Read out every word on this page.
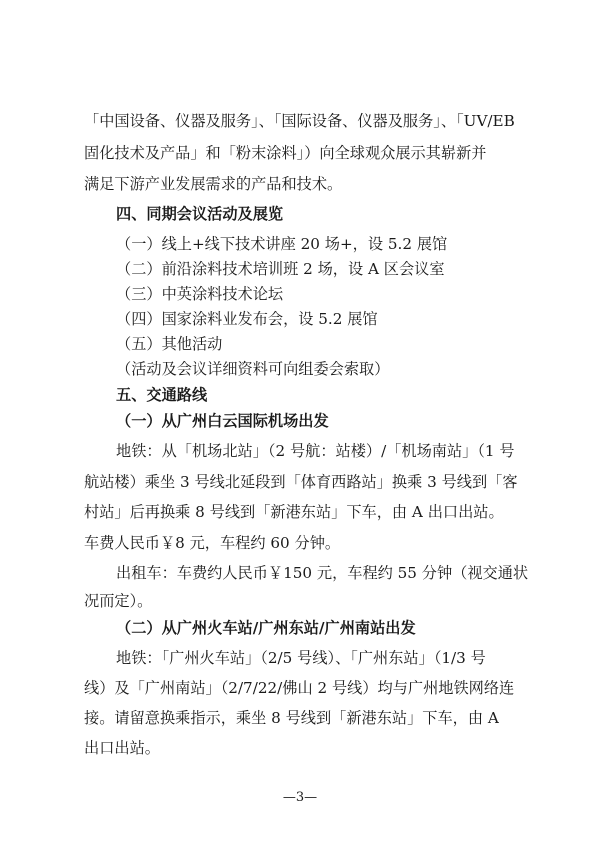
「中国设备、仪器及服务」、「国际设备、仪器及服务」、「UV/EB
固化技术及产品」和「粉末涂料」）向全球观众展示其崭新并
满足下游产业发展需求的产品和技术。
四、同期会议活动及展览
（一）线上+线下技术讲座 20 场+，设 5.2 展馆
（二）前沿涂料技术培训班 2 场，设 A 区会议室
（三）中英涂料技术论坛
（四）国家涂料业发布会，设 5.2 展馆
（五）其他活动
（活动及会议详细资料可向组委会索取）
五、交通路线
（一）从广州白云国际机场出发
地铁：从「机场北站」（2 号航：站楼）/「机场南站」（1 号
航站楼）乘坐 3 号线北延段到「体育西路站」换乘 3 号线到「客
村站」后再换乘 8 号线到「新港东站」下车，由 A 出口出站。
车费人民币￥8 元，车程约 60 分钟。
出租车：车费约人民币￥150 元，车程约 55 分钟（视交通状
况而定）。
（二）从广州火车站/广州东站/广州南站出发
地铁：「广州火车站」（2/5 号线）、「广州东站」（1/3 号
线）及「广州南站」（2/7/22/佛山 2 号线）均与广州地铁网络连
接。请留意换乘指示，乘坐 8 号线到「新港东站」下车，由 A
出口出站。
—3—
